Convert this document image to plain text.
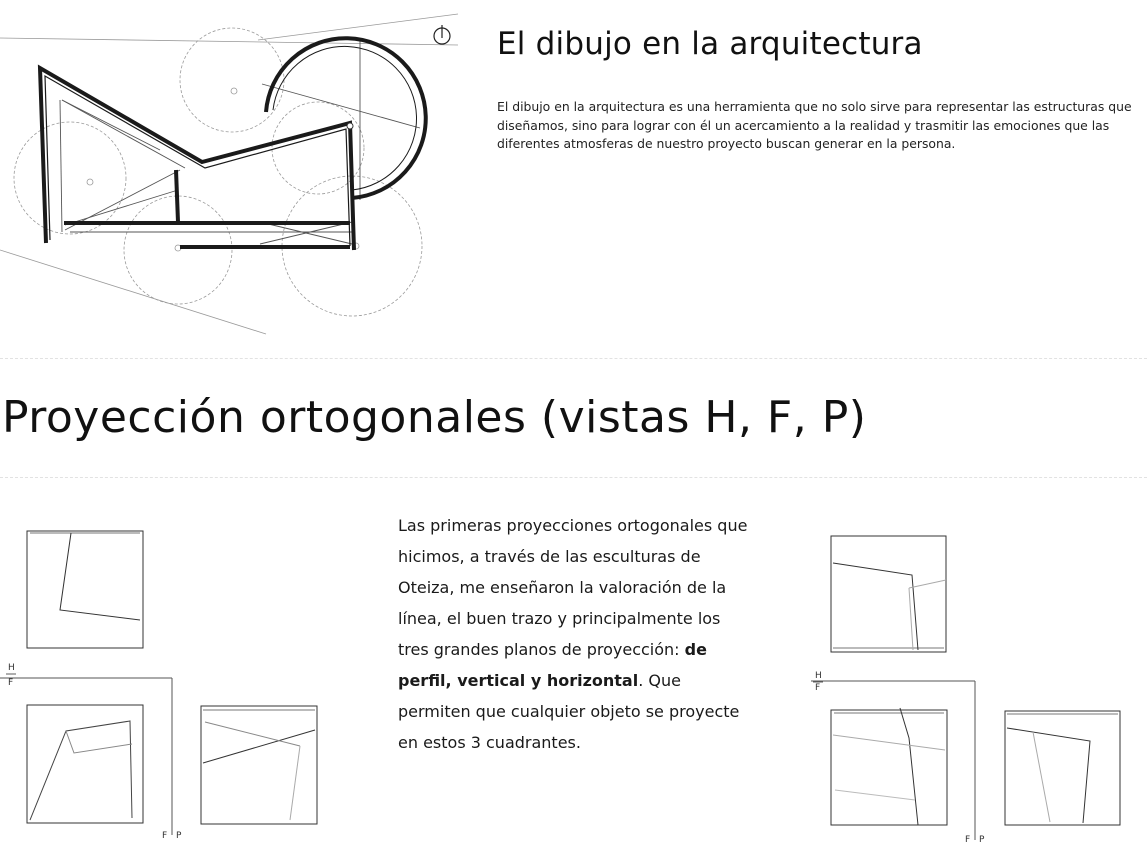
El dibujo en la arquitectura

El dibujo en la arquitectura es una herramienta que no solo sirve para representar las estructuras que diseñamos, sino para lograr con él un acercamiento a la realidad y trasmitir las emociones que las diferentes atmosferas de nuestro proyecto buscan generar en la persona.

Proyección ortogonales (vistas H, F, P)
H
F
F P

Las primeras proyecciones ortogonales que hicimos, a través de las esculturas de Oteiza, me enseñaron la valoración de la línea, el buen trazo y principalmente los tres grandes planos de proyección: de perfil, vertical y horizontal. Que permiten que cualquier objeto se proyecte en estos 3 cuadrantes.

H
F
F P
